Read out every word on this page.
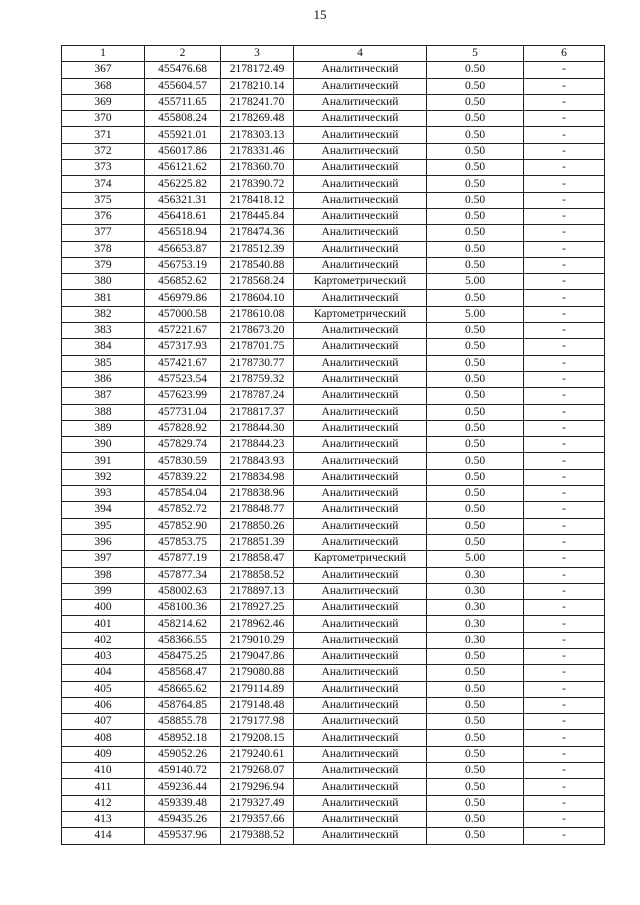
15
1	2	3	4	5	6
367	455476.68	2178172.49	Аналитический	0.50	-
368	455604.57	2178210.14	Аналитический	0.50	-
369	455711.65	2178241.70	Аналитический	0.50	-
370	455808.24	2178269.48	Аналитический	0.50	-
371	455921.01	2178303.13	Аналитический	0.50	-
372	456017.86	2178331.46	Аналитический	0.50	-
373	456121.62	2178360.70	Аналитический	0.50	-
374	456225.82	2178390.72	Аналитический	0.50	-
375	456321.31	2178418.12	Аналитический	0.50	-
376	456418.61	2178445.84	Аналитический	0.50	-
377	456518.94	2178474.36	Аналитический	0.50	-
378	456653.87	2178512.39	Аналитический	0.50	-
379	456753.19	2178540.88	Аналитический	0.50	-
380	456852.62	2178568.24	Картометрический	5.00	-
381	456979.86	2178604.10	Аналитический	0.50	-
382	457000.58	2178610.08	Картометрический	5.00	-
383	457221.67	2178673.20	Аналитический	0.50	-
384	457317.93	2178701.75	Аналитический	0.50	-
385	457421.67	2178730.77	Аналитический	0.50	-
386	457523.54	2178759.32	Аналитический	0.50	-
387	457623.99	2178787.24	Аналитический	0.50	-
388	457731.04	2178817.37	Аналитический	0.50	-
389	457828.92	2178844.30	Аналитический	0.50	-
390	457829.74	2178844.23	Аналитический	0.50	-
391	457830.59	2178843.93	Аналитический	0.50	-
392	457839.22	2178834.98	Аналитический	0.50	-
393	457854.04	2178838.96	Аналитический	0.50	-
394	457852.72	2178848.77	Аналитический	0.50	-
395	457852.90	2178850.26	Аналитический	0.50	-
396	457853.75	2178851.39	Аналитический	0.50	-
397	457877.19	2178858.47	Картометрический	5.00	-
398	457877.34	2178858.52	Аналитический	0.30	-
399	458002.63	2178897.13	Аналитический	0.30	-
400	458100.36	2178927.25	Аналитический	0.30	-
401	458214.62	2178962.46	Аналитический	0.30	-
402	458366.55	2179010.29	Аналитический	0.30	-
403	458475.25	2179047.86	Аналитический	0.50	-
404	458568.47	2179080.88	Аналитический	0.50	-
405	458665.62	2179114.89	Аналитический	0.50	-
406	458764.85	2179148.48	Аналитический	0.50	-
407	458855.78	2179177.98	Аналитический	0.50	-
408	458952.18	2179208.15	Аналитический	0.50	-
409	459052.26	2179240.61	Аналитический	0.50	-
410	459140.72	2179268.07	Аналитический	0.50	-
411	459236.44	2179296.94	Аналитический	0.50	-
412	459339.48	2179327.49	Аналитический	0.50	-
413	459435.26	2179357.66	Аналитический	0.50	-
414	459537.96	2179388.52	Аналитический	0.50	-
